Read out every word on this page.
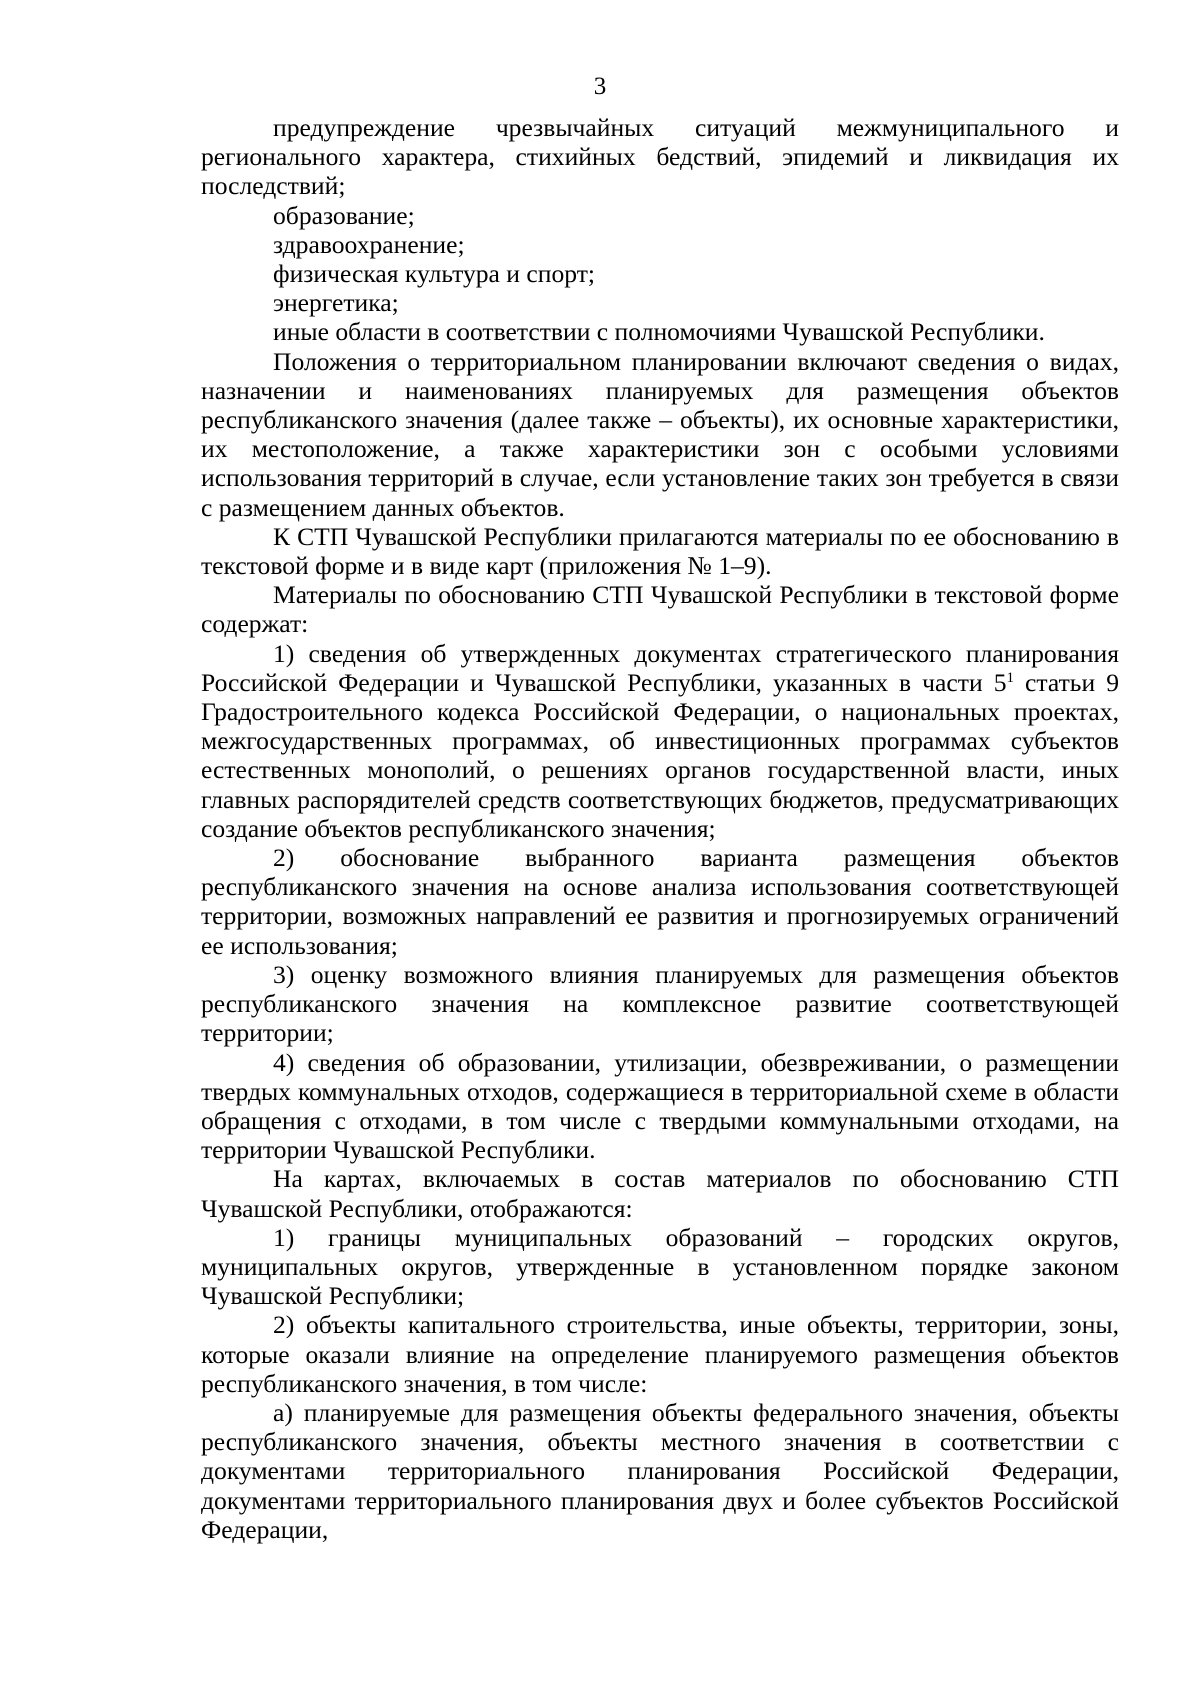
3

предупреждение чрезвычайных ситуаций межмуниципального и регионального характера, стихийных бедствий, эпидемий и ликвидация их последствий;

образование;

здравоохранение;

физическая культура и спорт;

энергетика;

иные области в соответствии с полномочиями Чувашской Республики.

Положения о территориальном планировании включают сведения о видах, назначении и наименованиях планируемых для размещения объектов республиканского значения (далее также – объекты), их основные характеристики, их местоположение, а также характеристики зон с особыми условиями использования территорий в случае, если установление таких зон требуется в связи с размещением данных объектов.

К СТП Чувашской Республики прилагаются материалы по ее обоснованию в текстовой форме и в виде карт (приложения № 1–9).

Материалы по обоснованию СТП Чувашской Республики в текстовой форме содержат:

1) сведения об утвержденных документах стратегического планирования Российской Федерации и Чувашской Республики, указанных в части $5^1$ статьи 9 Градостроительного кодекса Российской Федерации, о национальных проектах, межгосударственных программах, об инвестиционных программах субъектов естественных монополий, о решениях органов государственной власти, иных главных распорядителей средств соответствующих бюджетов, предусматривающих создание объектов республиканского значения;

2) обоснование выбранного варианта размещения объектов республиканского значения на основе анализа использования соответствующей территории, возможных направлений ее развития и прогнозируемых ограничений ее использования;

3) оценку возможного влияния планируемых для размещения объектов республиканского значения на комплексное развитие соответствующей территории;

4) сведения об образовании, утилизации, обезвреживании, о размещении твердых коммунальных отходов, содержащиеся в территориальной схеме в области обращения с отходами, в том числе с твердыми коммунальными отходами, на территории Чувашской Республики.

На картах, включаемых в состав материалов по обоснованию СТП Чувашской Республики, отображаются:

1) границы муниципальных образований – городских округов, муниципальных округов, утвержденные в установленном порядке законом Чувашской Республики;

2) объекты капитального строительства, иные объекты, территории, зоны, которые оказали влияние на определение планируемого размещения объектов республиканского значения, в том числе:

а) планируемые для размещения объекты федерального значения, объекты республиканского значения, объекты местного значения в соответствии с документами территориального планирования Российской Федерации, документами территориального планирования двух и более субъектов Российской Федерации,
